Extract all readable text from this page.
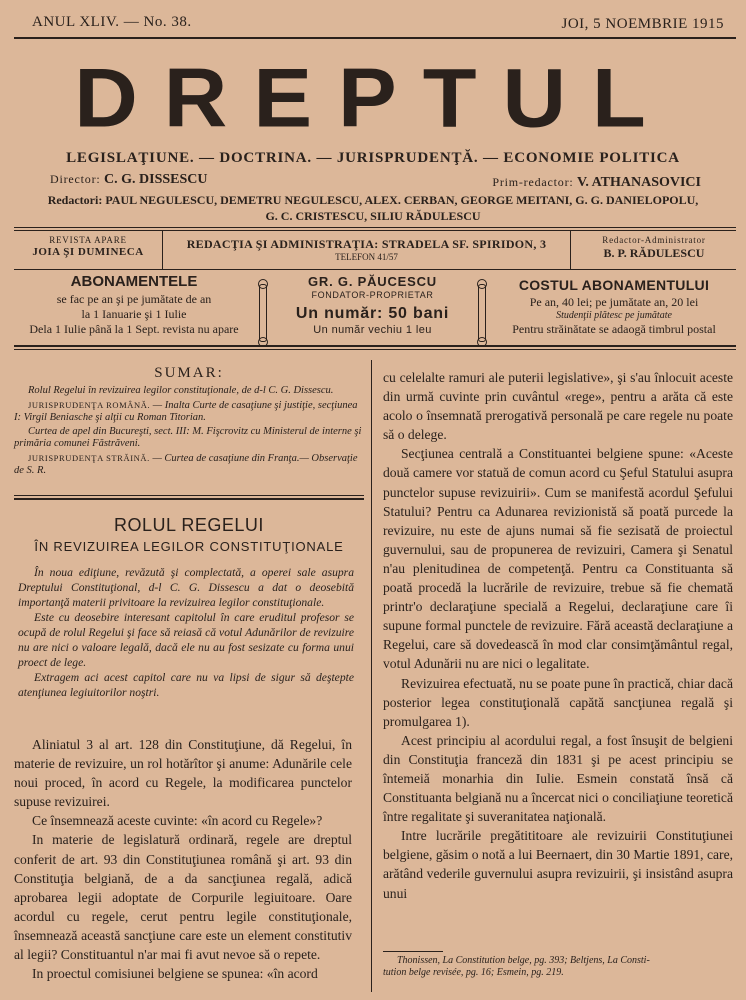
ANUL XLIV. — No. 38.	JOI, 5 NOEMBRIE 1915
DREPTUL
LEGISLAŢIUNE. — DOCTRINA. — JURISPRUDENŢĂ. — ECONOMIE POLITICA
Director: C. G. DISSESCU	Prim-redactor: V. ATHANASOVICI
Redactori: PAUL NEGULESCU, DEMETRU NEGULESCU, ALEX. CERBAN, GEORGE MEITANI, G. G. DANIELOPOLU,
G. C. CRISTESCU, SILIU RĂDULESCU
REVISTA APARE
JOIA ŞI DUMINECA
REDACŢIA ŞI ADMINISTRAŢIA: STRADELA SF. SPIRIDON, 3
TELEFON 41/57
Redactor-Administrator
B. P. RĂDULESCU
ABONAMENTELE
se fac pe an şi pe jumătate de an
la 1 Ianuarie şi 1 Iulie
Dela 1 Iulie până la 1 Sept. revista nu apare
GR. G. PĂUCESCU
FONDATOR-PROPRIETAR
Un număr: 50 bani
Un număr vechiu 1 leu
COSTUL ABONAMENTULUI
Pe an, 40 lei; pe jumătate an, 20 lei
Studenţii plătesc pe jumătate
Pentru străinătate se adaogă timbrul postal
SUMAR:
Rolul Regelui în revizuirea legilor constituţionale, de d-l C. G. Dissescu.
JURISPRUDENŢA ROMÂNĂ. — Inalta Curte de casaţiune şi justiţie, secţiunea I: Virgil Beniasche şi alţii cu Roman Titorian.
Curtea de apel din Bucureşti, sect. III: M. Fişcrovitz cu Ministerul de interne şi primăria comunei Făstrăveni.
JURISPRUDENŢA STRĂINĂ. — Curtea de casaţiune din Franţa.— Observaţie de S. R.
ROLUL REGELUI
ÎN REVIZUIREA LEGILOR CONSTITUŢIONALE

În noua ediţiune, revăzută şi complectată, a operei sale asupra Dreptului Constituţional, d-l C. G. Dissescu a dat o deosebită importanţă materii privitoare la revizuirea legilor constituţionale.

Este cu deosebire interesant capitolul în care eruditul profesor se ocupă de rolul Regelui şi face să reiasă că votul Adunărilor de revizuire nu are nici o valoare legală, dacă ele nu au fost sesizate cu forma unui proect de lege.

Extragem aci acest capitol care nu va lipsi de sigur să deştepte atenţiunea legiuitorilor noştri.

Aliniatul 3 al art. 128 din Constituţiune, dă Regelui, în materie de revizuire, un rol hotărîtor şi anume: Adunările cele noui proced, în acord cu Regele, la modificarea punctelor supuse revizuirei.

Ce însemnează aceste cuvinte: «în acord cu Regele»?

In materie de legislatură ordinară, regele are dreptul conferit de art. 93 din Constituţiunea română şi art. 93 din Constituţia belgiană, de a da sancţiunea regală, adică aprobarea legii adoptate de Corpurile legiuitoare. Oare acordul cu regele, cerut pentru legile constituţionale, însemnează această sancţiune care este un element constitutiv al legii? Constituantul n'ar mai fi avut nevoe să o repete.

In proectul comisiunei belgiene se spunea: «în acord

cu celelalte ramuri ale puterii legislative», şi s'au înlocuit aceste din urmă cuvinte prin cuvântul «rege», pentru a arăta că este acolo o însemnată prerogativă personală pe care regele nu poate să o delege.

Secţiunea centrală a Constituantei belgiene spune: «Aceste două camere vor statuă de comun acord cu Şeful Statului asupra punctelor supuse revizuirii». Cum se manifestă acordul Şefului Statului? Pentru ca Adunarea revizionistă să poată purcede la revizuire, nu este de ajuns numai să fie sezisată de proiectul guvernului, sau de propunerea de revizuiri, Camera şi Senatul n'au plenitudinea de competenţă. Pentru ca Constituanta să poată procedă la lucrările de revizuire, trebue să fie chemată printr'o declaraţiune specială a Regelui, declaraţiune care îi supune formal punctele de revizuire. Fără această declaraţiune a Regelui, care să dovedească în mod clar consimţământul regal, votul Adunării nu are nici o legalitate.

Revizuirea efectuată, nu se poate pune în practică, chiar dacă posterior legea constituţională capătă sancţiunea regală şi promulgarea 1).

Acest principiu al acordului regal, a fost însuşit de belgieni din Constituţia franceză din 1831 şi pe acest principiu se întemeiă monarhia din Iulie. Esmein constată însă că Constituanta belgiană nu a încercat nici o conciliaţiune teoretică între regalitate şi suveranitatea naţională.

Intre lucrările pregătititoare ale revizuirii Constituţiunei belgiene, găsim o notă a lui Beernaert, din 30 Martie 1891, care, arătând vederile guvernului asupra revizuirii, şi insistând asupra unui

Thonissen, La Constitution belge, pg. 393; Beltjens, La Consti-
tution belge revisée, pg. 16; Esmein, pg. 219.
